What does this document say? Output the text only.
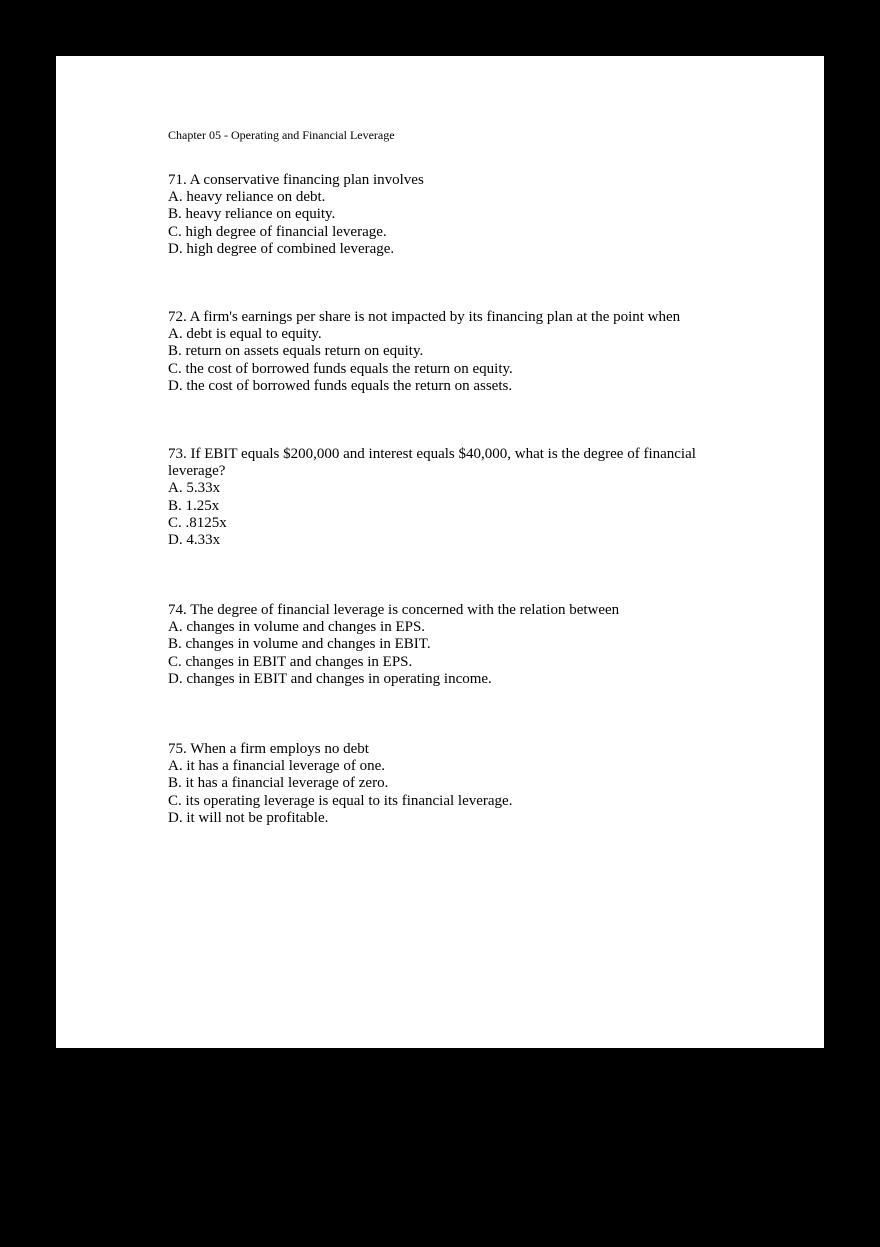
Chapter 05 - Operating and Financial Leverage
71. A conservative financing plan involves
A. heavy reliance on debt.
B. heavy reliance on equity.
C. high degree of financial leverage.
D. high degree of combined leverage.
72. A firm's earnings per share is not impacted by its financing plan at the point when
A. debt is equal to equity.
B. return on assets equals return on equity.
C. the cost of borrowed funds equals the return on equity.
D. the cost of borrowed funds equals the return on assets.
73. If EBIT equals $200,000 and interest equals $40,000, what is the degree of financial leverage?
A. 5.33x
B. 1.25x
C. .8125x
D. 4.33x
74. The degree of financial leverage is concerned with the relation between
A. changes in volume and changes in EPS.
B. changes in volume and changes in EBIT.
C. changes in EBIT and changes in EPS.
D. changes in EBIT and changes in operating income.
75. When a firm employs no debt
A. it has a financial leverage of one.
B. it has a financial leverage of zero.
C. its operating leverage is equal to its financial leverage.
D. it will not be profitable.
